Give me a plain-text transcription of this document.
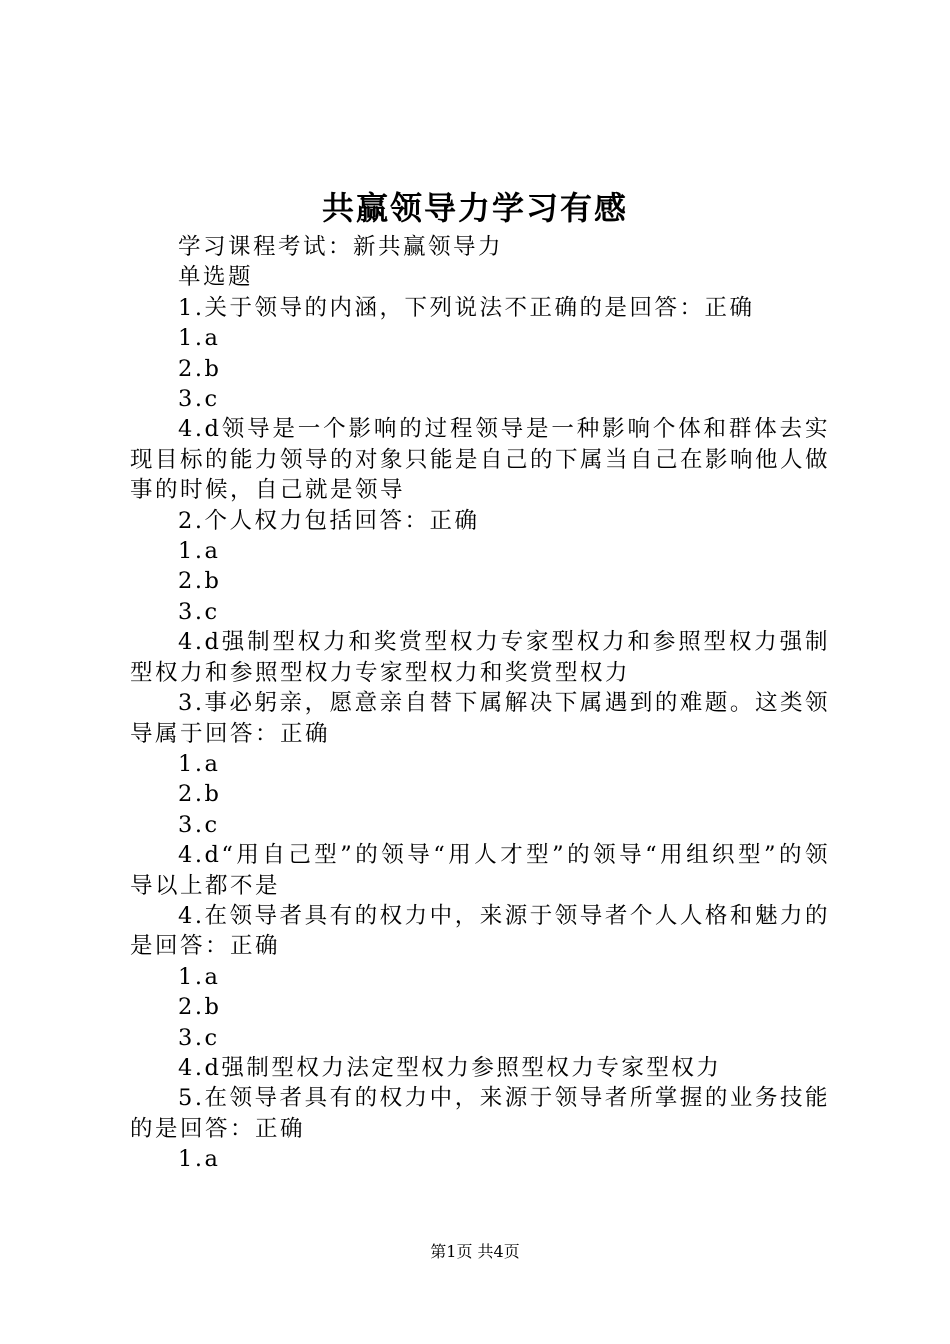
共赢领导力学习有感

学习课程考试：新共赢领导力

单选题

1.关于领导的内涵，下列说法不正确的是回答：正确

1.a

2.b

3.c

4.d领导是一个影响的过程领导是一种影响个体和群体去实现目标的能力领导的对象只能是自己的下属当自己在影响他人做事的时候，自己就是领导

2.个人权力包括回答：正确

1.a

2.b

3.c

4.d强制型权力和奖赏型权力专家型权力和参照型权力强制型权力和参照型权力专家型权力和奖赏型权力

3.事必躬亲，愿意亲自替下属解决下属遇到的难题。这类领导属于回答：正确

1.a

2.b

3.c

4.d“用自己型”的领导“用人才型”的领导“用组织型”的领导以上都不是

4.在领导者具有的权力中，来源于领导者个人人格和魅力的是回答：正确

1.a

2.b

3.c

4.d强制型权力法定型权力参照型权力专家型权力

5.在领导者具有的权力中，来源于领导者所掌握的业务技能的是回答：正确

1.a

第1页 共4页
